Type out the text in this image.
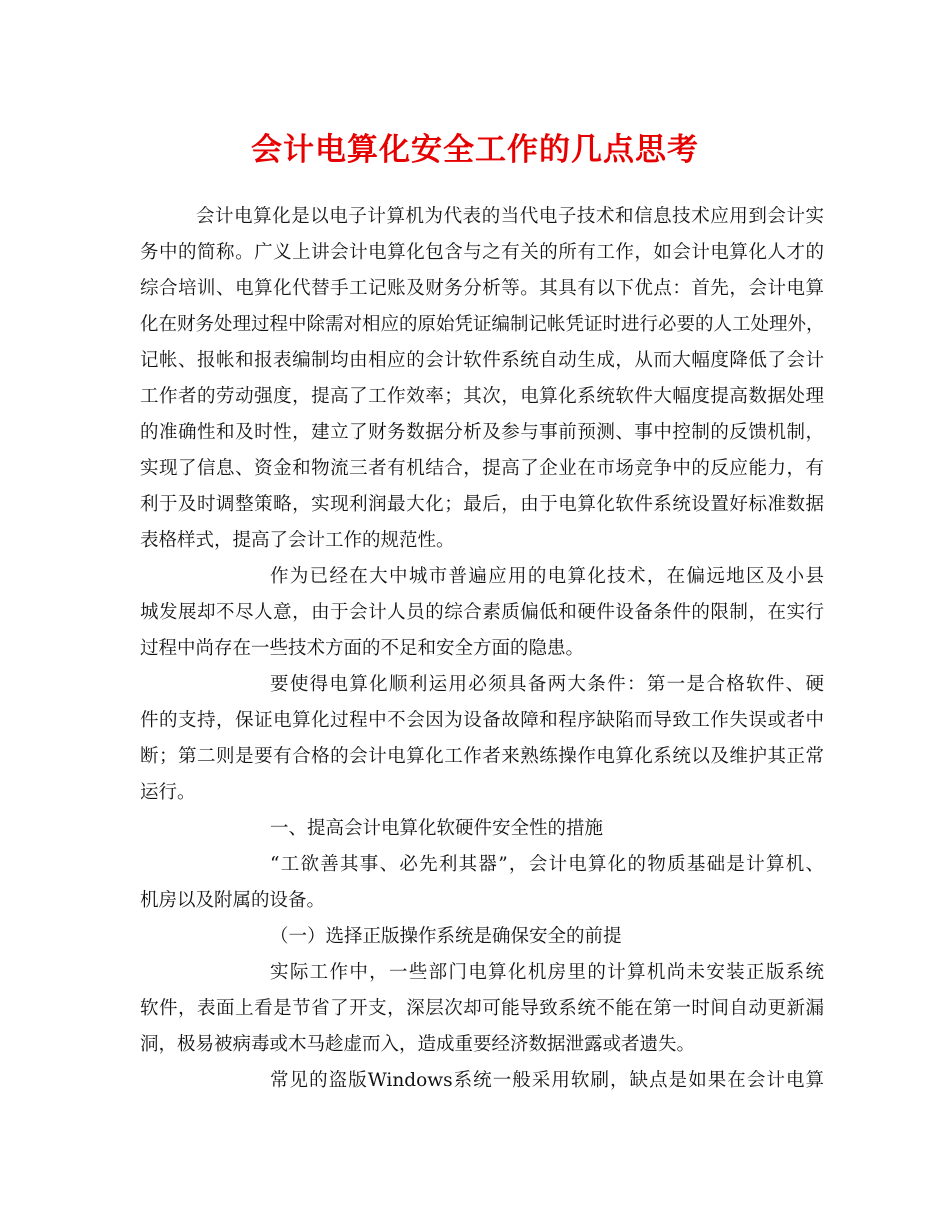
会计电算化安全工作的几点思考

会计电算化是以电子计算机为代表的当代电子技术和信息技术应用到会计实

务中的简称。广义上讲会计电算化包含与之有关的所有工作，如会计电算化人才的

综合培训、电算化代替手工记账及财务分析等。其具有以下优点：首先，会计电算

化在财务处理过程中除需对相应的原始凭证编制记帐凭证时进行必要的人工处理外，

记帐、报帐和报表编制均由相应的会计软件系统自动生成，从而大幅度降低了会计

工作者的劳动强度，提高了工作效率；其次，电算化系统软件大幅度提高数据处理

的准确性和及时性，建立了财务数据分析及参与事前预测、事中控制的反馈机制，

实现了信息、资金和物流三者有机结合，提高了企业在市场竞争中的反应能力，有

利于及时调整策略，实现利润最大化；最后，由于电算化软件系统设置好标准数据

表格样式，提高了会计工作的规范性。

作为已经在大中城市普遍应用的电算化技术，在偏远地区及小县

城发展却不尽人意，由于会计人员的综合素质偏低和硬件设备条件的限制，在实行

过程中尚存在一些技术方面的不足和安全方面的隐患。

要使得电算化顺利运用必须具备两大条件：第一是合格软件、硬

件的支持，保证电算化过程中不会因为设备故障和程序缺陷而导致工作失误或者中

断；第二则是要有合格的会计电算化工作者来熟练操作电算化系统以及维护其正常

运行。

一、提高会计电算化软硬件安全性的措施

“工欲善其事、必先利其器”，会计电算化的物质基础是计算机、

机房以及附属的设备。

（一）选择正版操作系统是确保安全的前提

实际工作中，一些部门电算化机房里的计算机尚未安装正版系统

软件，表面上看是节省了开支，深层次却可能导致系统不能在第一时间自动更新漏

洞，极易被病毒或木马趁虚而入，造成重要经济数据泄露或者遗失。

常见的盗版Windows系统一般采用软刷，缺点是如果在会计电算
